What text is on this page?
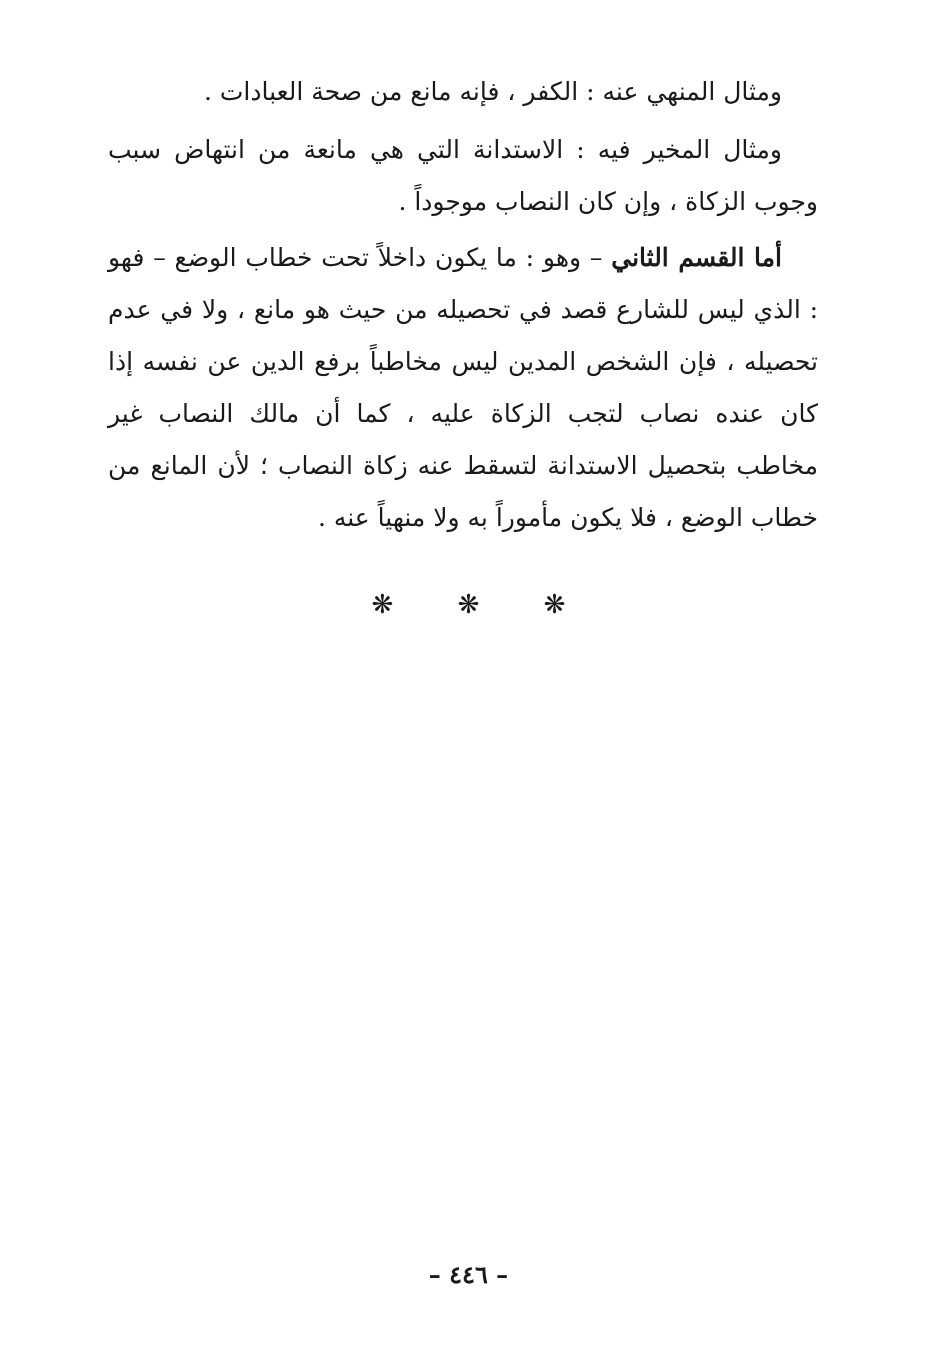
ومثال المنهي عنه : الكفر ، فإنه مانع من صحة العبادات .

ومثال المخير فيه : الاستدانة التي هي مانعة من انتهاض سبب وجوب الزكاة ، وإن كان النصاب موجوداً .

أما القسم الثاني – وهو : ما يكون داخلاً تحت خطاب الوضع – فهو : الذي ليس للشارع قصد في تحصيله من حيث هو مانع ، ولا في عدم تحصيله ، فإن الشخص المدين ليس مخاطباً برفع الدين عن نفسه إذا كان عنده نصاب لتجب الزكاة عليه ، كما أن مالك النصاب غير مخاطب بتحصيل الاستدانة لتسقط عنه زكاة النصاب ؛ لأن المانع من خطاب الوضع ، فلا يكون مأموراً به ولا منهياً عنه .

❋ ❋ ❋
– ٤٤٦ –
